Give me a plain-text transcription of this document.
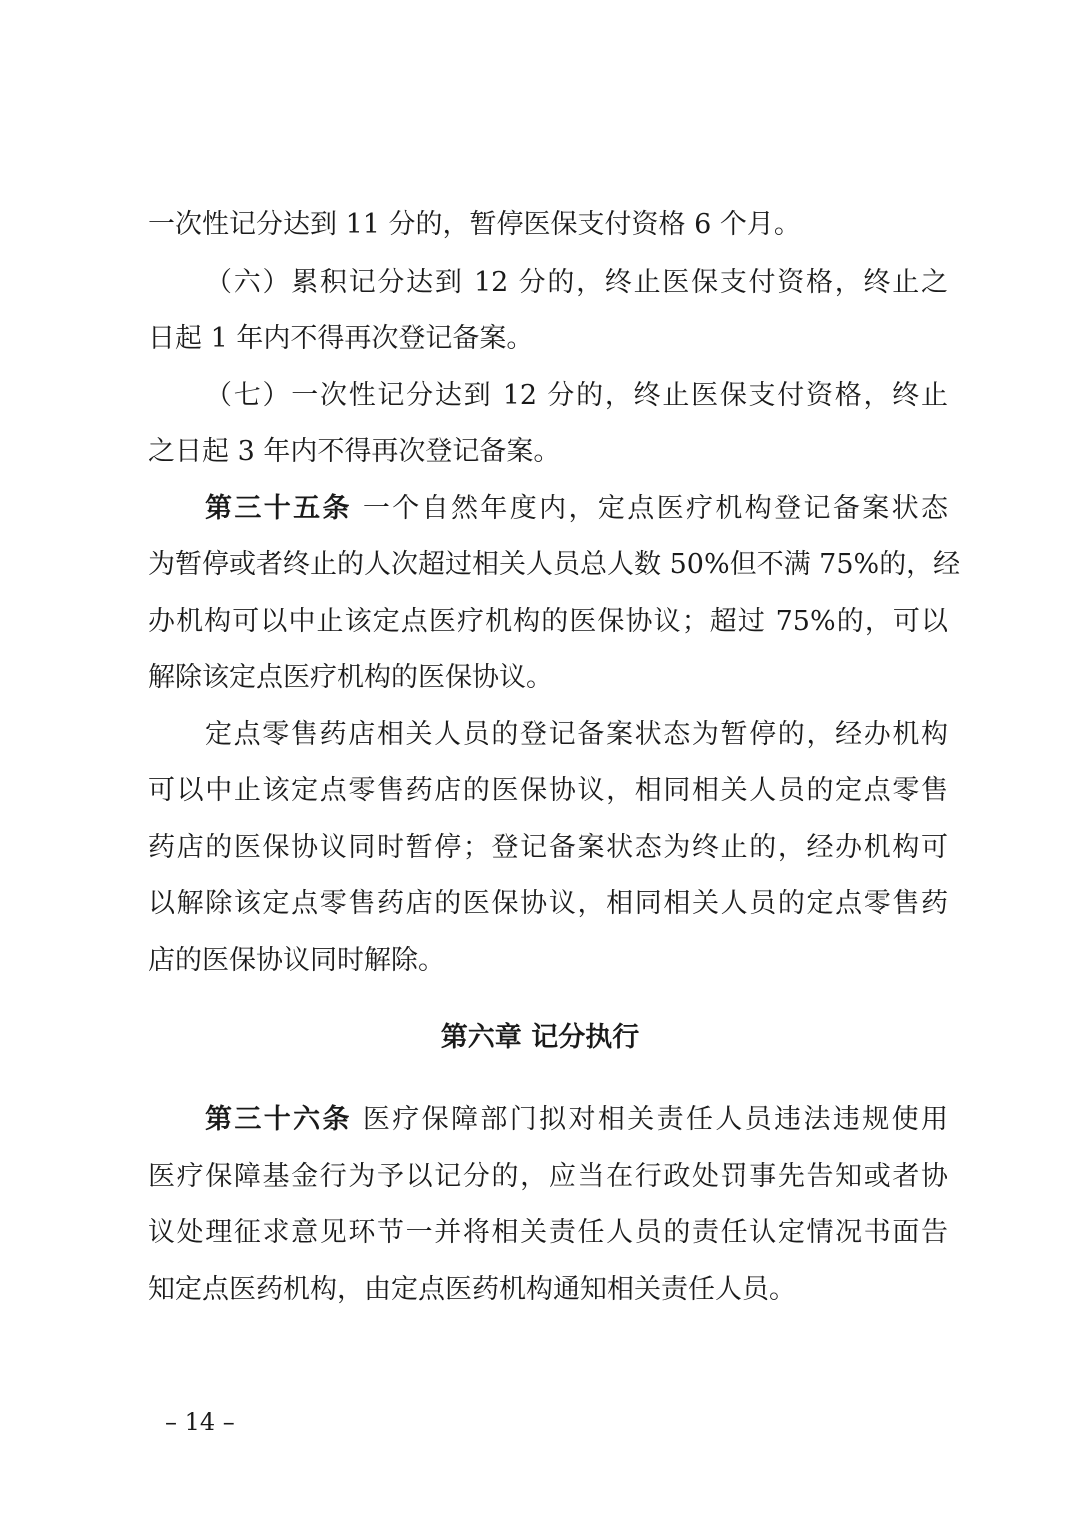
一次性记分达到 11 分的，暂停医保支付资格 6 个月。
（六）累积记分达到 12 分的，终止医保支付资格，终止之
日起 1 年内不得再次登记备案。
（七）一次性记分达到 12 分的，终止医保支付资格，终止
之日起 3 年内不得再次登记备案。
第三十五条 一个自然年度内，定点医疗机构登记备案状态
为暂停或者终止的人次超过相关人员总人数 50%但不满 75%的，经
办机构可以中止该定点医疗机构的医保协议；超过 75%的，可以
解除该定点医疗机构的医保协议。
定点零售药店相关人员的登记备案状态为暂停的，经办机构
可以中止该定点零售药店的医保协议，相同相关人员的定点零售
药店的医保协议同时暂停；登记备案状态为终止的，经办机构可
以解除该定点零售药店的医保协议，相同相关人员的定点零售药
店的医保协议同时解除。
第六章 记分执行
第三十六条 医疗保障部门拟对相关责任人员违法违规使用
医疗保障基金行为予以记分的，应当在行政处罚事先告知或者协
议处理征求意见环节一并将相关责任人员的责任认定情况书面告
知定点医药机构，由定点医药机构通知相关责任人员。
– 14 –
